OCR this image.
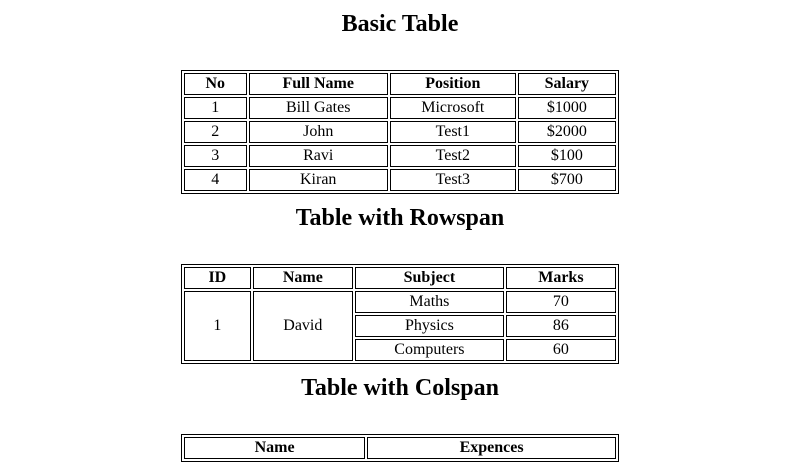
Basic Table
No	Full Name	Position	Salary
1	Bill Gates	Microsoft	$1000
2	John	Test1	$2000
3	Ravi	Test2	$100
4	Kiran	Test3	$700
Table with Rowspan
ID	Name	Subject	Marks
1	David	Maths	70
		Physics	86
		Computers	60
Table with Colspan
Name	Expences
